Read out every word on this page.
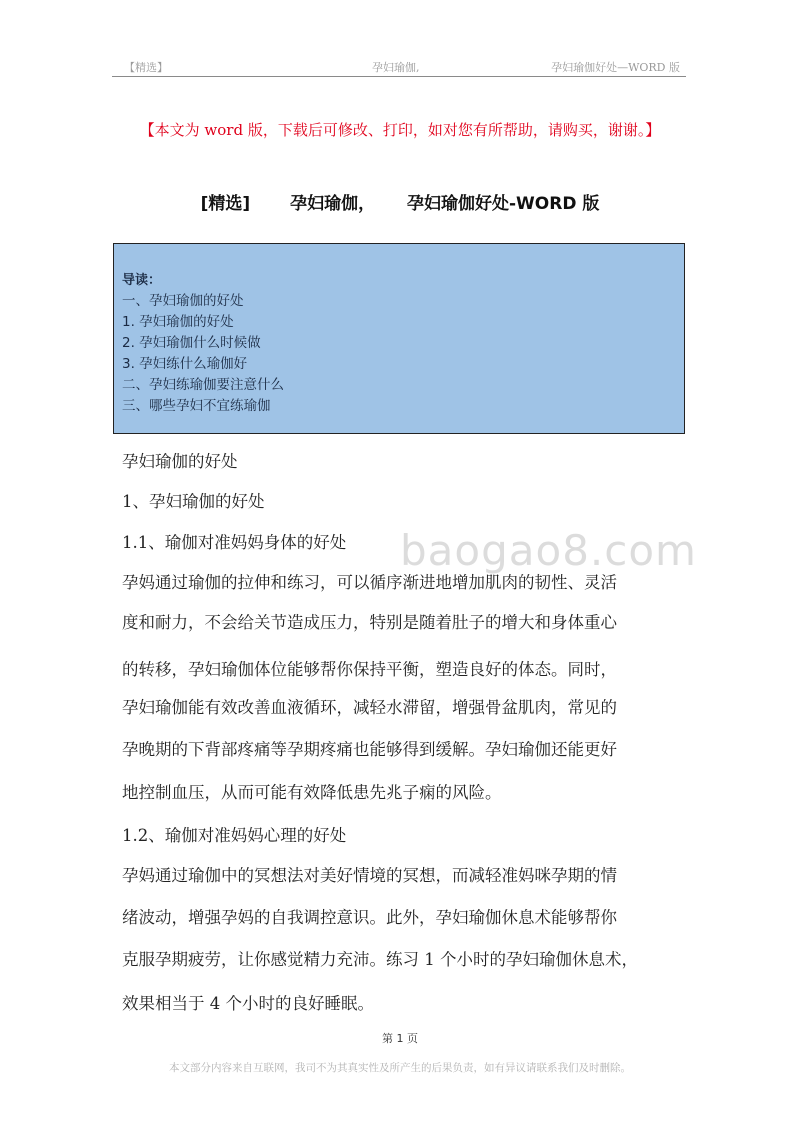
【精选】	孕妇瑜伽,	孕妇瑜伽好处—WORD 版
【本文为 word 版，下载后可修改、打印，如对您有所帮助，请购买，谢谢。】
[精选] 孕妇瑜伽， 孕妇瑜伽好处-WORD 版
导读：
一、孕妇瑜伽的好处
1. 孕妇瑜伽的好处
2. 孕妇瑜伽什么时候做
3. 孕妇练什么瑜伽好
二、孕妇练瑜伽要注意什么
三、哪些孕妇不宜练瑜伽
baogao8.com
孕妇瑜伽的好处
1、孕妇瑜伽的好处
1.1、瑜伽对准妈妈身体的好处
孕妈通过瑜伽的拉伸和练习，可以循序渐进地增加肌肉的韧性、灵活
度和耐力，不会给关节造成压力，特别是随着肚子的增大和身体重心
的转移，孕妇瑜伽体位能够帮你保持平衡，塑造良好的体态。同时，
孕妇瑜伽能有效改善血液循环，减轻水滞留，增强骨盆肌肉，常见的
孕晚期的下背部疼痛等孕期疼痛也能够得到缓解。孕妇瑜伽还能更好
地控制血压，从而可能有效降低患先兆子痫的风险。
1.2、瑜伽对准妈妈心理的好处
孕妈通过瑜伽中的冥想法对美好情境的冥想，而减轻准妈咪孕期的情
绪波动，增强孕妈的自我调控意识。此外，孕妇瑜伽休息术能够帮你
克服孕期疲劳，让你感觉精力充沛。练习 1 个小时的孕妇瑜伽休息术，
效果相当于 4 个小时的良好睡眠。
第 1 页
本文部分内容来自互联网，我司不为其真实性及所产生的后果负责，如有异议请联系我们及时删除。
